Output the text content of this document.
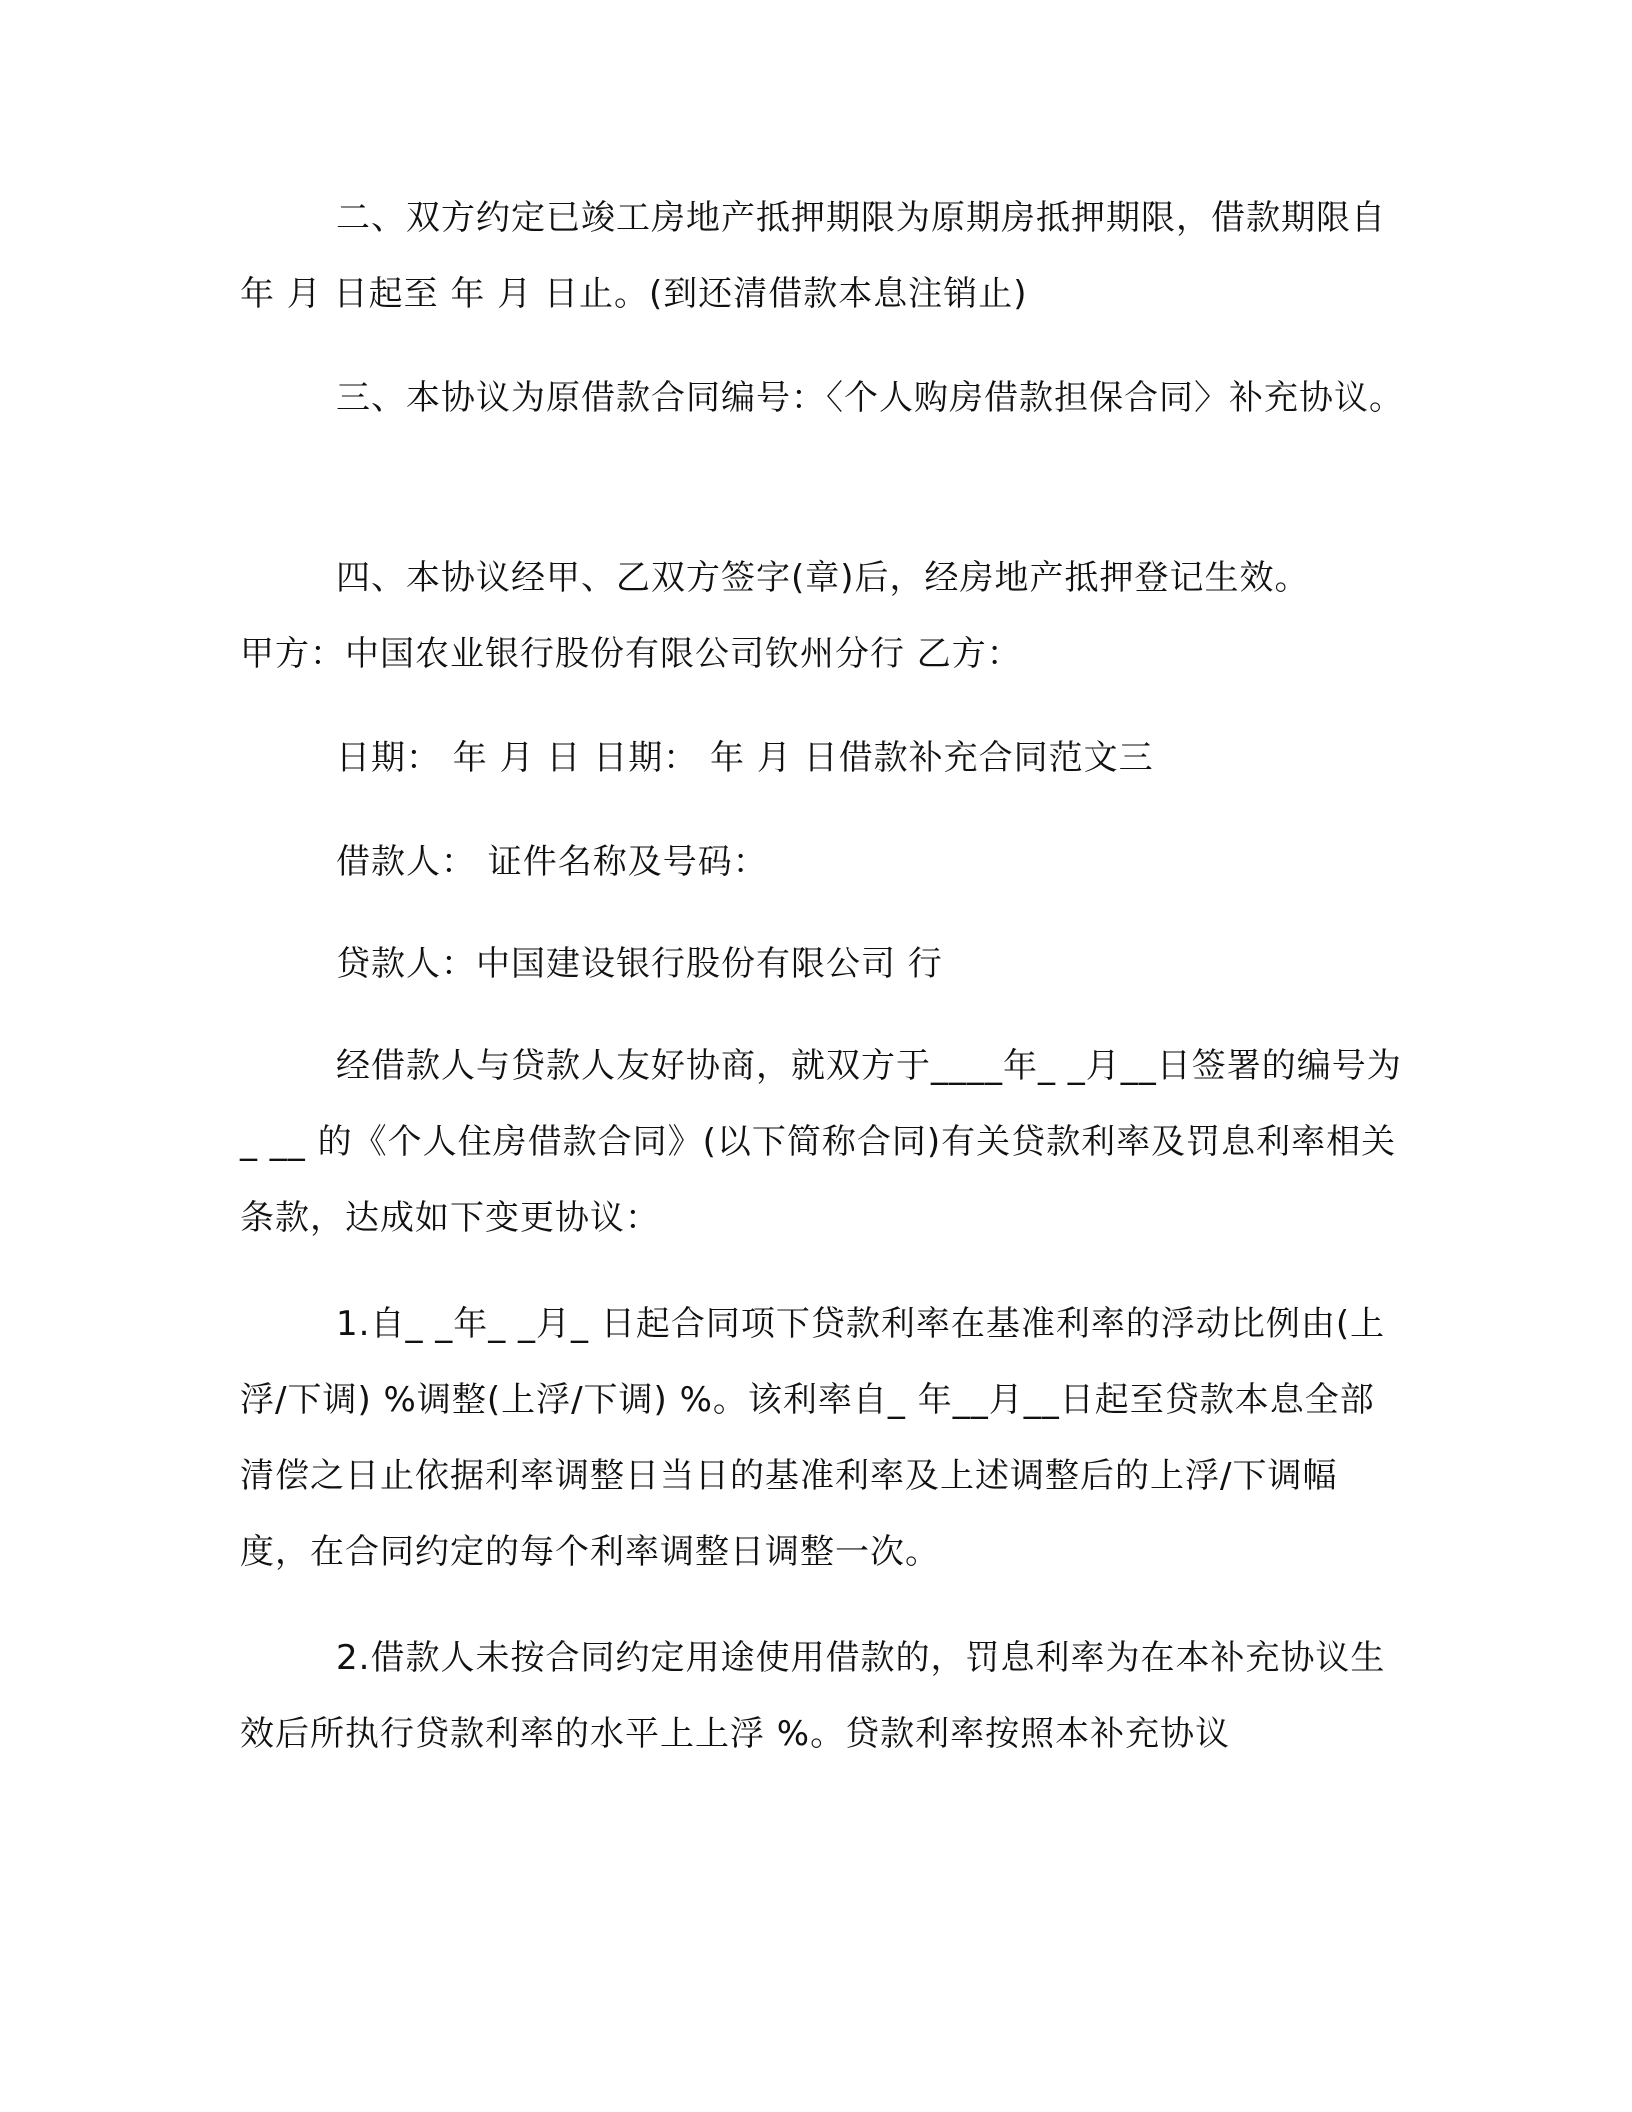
二、双方约定已竣工房地产抵押期限为原期房抵押期限，借款期限自 年 月 日起至 年 月 日止。(到还清借款本息注销止)

三、本协议为原借款合同编号：〈个人购房借款担保合同〉补充协议。

四、本协议经甲、乙双方签字(章)后，经房地产抵押登记生效。

甲方：中国农业银行股份有限公司钦州分行 乙方：

日期： 年 月 日 日期： 年 月 日借款补充合同范文三

借款人： 证件名称及号码：

贷款人：中国建设银行股份有限公司 行

经借款人与贷款人友好协商，就双方于____年_ _月__日签署的编号为_ __ 的《个人住房借款合同》(以下简称合同)有关贷款利率及罚息利率相关条款，达成如下变更协议：

1.自_ _年_ _月_ 日起合同项下贷款利率在基准利率的浮动比例由(上浮/下调) %调整(上浮/下调) %。该利率自_ 年__月__日起至贷款本息全部清偿之日止依据利率调整日当日的基准利率及上述调整后的上浮/下调幅度，在合同约定的每个利率调整日调整一次。

2.借款人未按合同约定用途使用借款的，罚息利率为在本补充协议生效后所执行贷款利率的水平上上浮 %。贷款利率按照本补充协议
